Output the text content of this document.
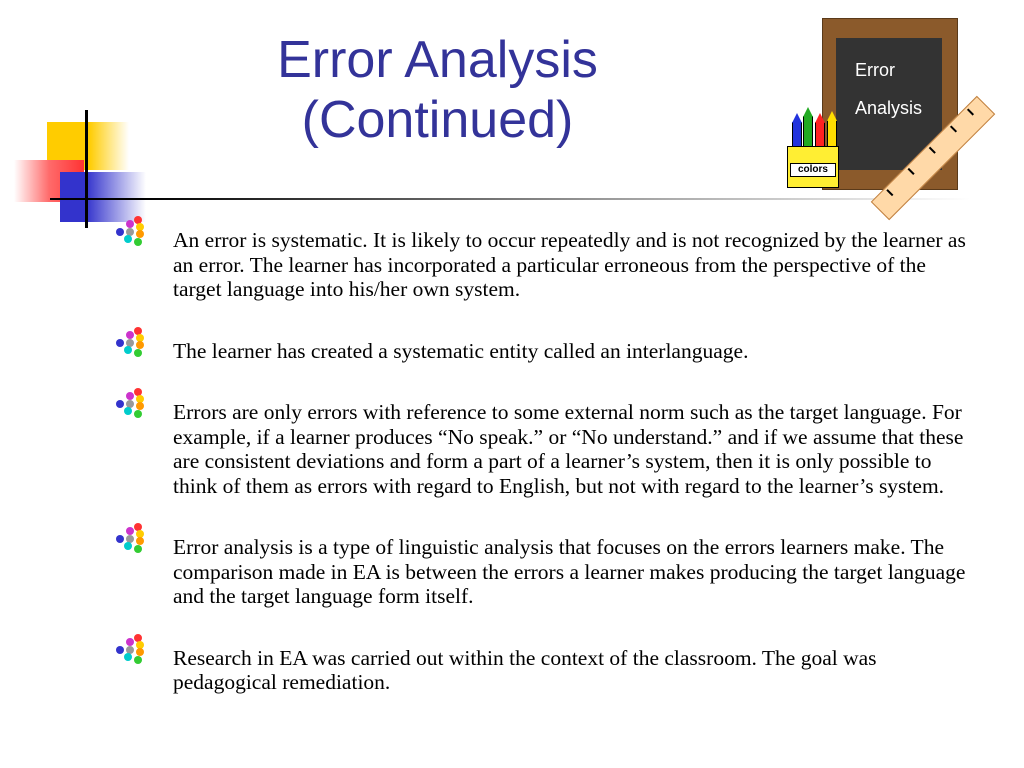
Error Analysis
(Continued)
Error
Analysis
colors
An error is systematic. It is likely to occur repeatedly and is not recognized by the learner as an error. The learner has incorporated a particular erroneous from the perspective of the target language into his/her own system.
The learner has created a systematic entity called an interlanguage.
Errors are only errors with reference to some external norm such as the target language. For example, if a learner produces “No speak.” or “No understand.” and if we assume that these are consistent deviations and form a part of a learner’s system, then it is only possible to think of them as errors with regard to English, but not with regard to the learner’s system.
Error analysis is a type of linguistic analysis that focuses on the errors learners make. The comparison made in EA is between the errors a learner makes producing the target language and the target language form itself.
Research in EA was carried out within the context of the classroom. The goal was pedagogical remediation.
